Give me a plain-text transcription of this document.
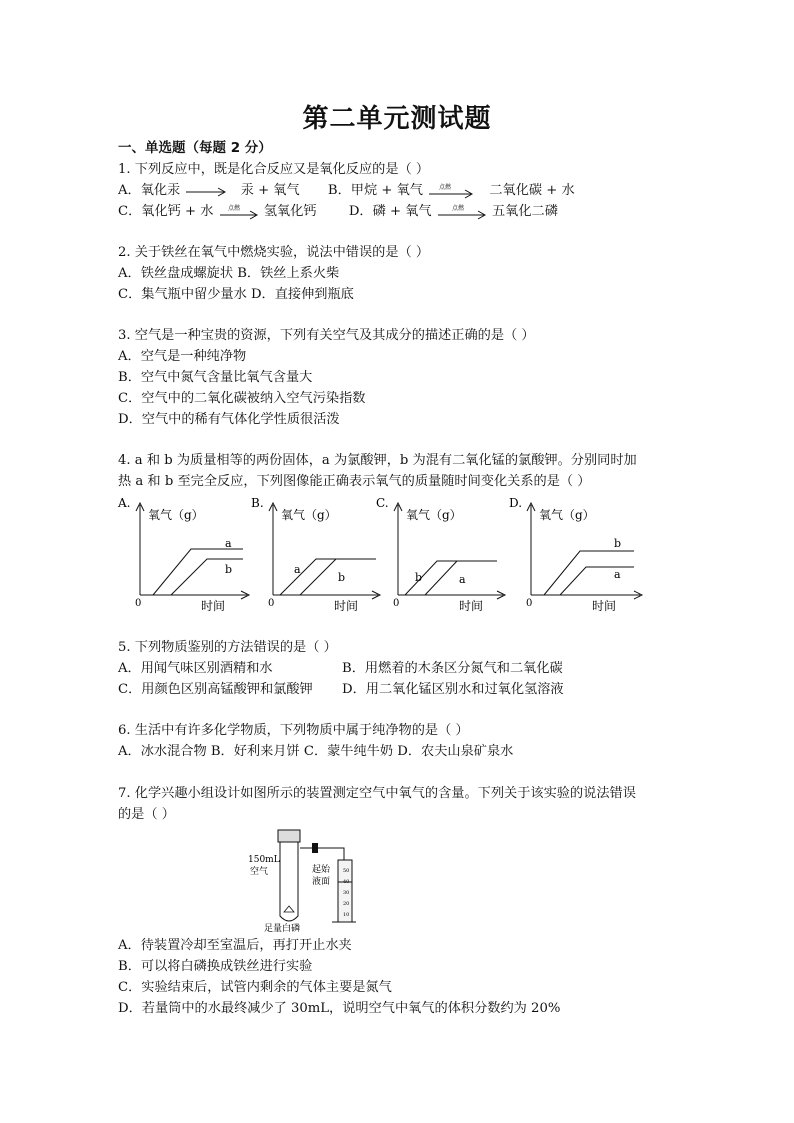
第二单元测试题
一、单选题（每题 2 分）
1. 下列反应中，既是化合反应又是氧化反应的是（ ）
A．氧化汞 → 汞 + 氧气 B．甲烷 + 氧气	点燃	二氧化碳 + 水
C．氧化钙 + 水 点燃 氢氧化钙 D．磷 + 氧气	点燃 五氧化二磷
2. 关于铁丝在氧气中燃烧实验，说法中错误的是（ ）
A．铁丝盘成螺旋状 B．铁丝上系火柴
C．集气瓶中留少量水 D．直接伸到瓶底
3. 空气是一种宝贵的资源，下列有关空气及其成分的描述正确的是（ ）
A．空气是一种纯净物
B．空气中氮气含量比氧气含量大
C．空气中的二氧化碳被纳入空气污染指数
D．空气中的稀有气体化学性质很活泼
4. a 和 b 为质量相等的两份固体，a 为氯酸钾，b 为混有二氧化锰的氯酸钾。分别同时加
热 a 和 b 至完全反应，下列图像能正确表示氧气的质量随时间变化关系的是（ ）
A.
氧气（g）
时间
0
a
b
B.
氧气（g）
时间
0
a
b
C.
氧气（g）
时间
0
b	a
D.
氧气（g）
时间
0
b
a
5. 下列物质鉴别的方法错误的是（ ）
A．用闻气味区别酒精和水	B．用燃着的木条区分氮气和二氧化碳
C．用颜色区别高锰酸钾和氯酸钾 D．用二氧化锰区别水和过氧化氢溶液
6. 生活中有许多化学物质，下列物质中属于纯净物的是（ ）
A．冰水混合物 B．好利来月饼 C．蒙牛纯牛奶 D．农夫山泉矿泉水
7. 化学兴趣小组设计如图所示的装置测定空气中氧气的含量。下列关于该实验的说法错误
的是（ ）
50
40
30
20
10
150mL
空气	起始
液面
足量白磷
A．待装置冷却至室温后，再打开止水夹
B．可以将白磷换成铁丝进行实验
C．实验结束后，试管内剩余的气体主要是氮气
D．若量筒中的水最终减少了 30mL，说明空气中氧气的体积分数约为 20%
